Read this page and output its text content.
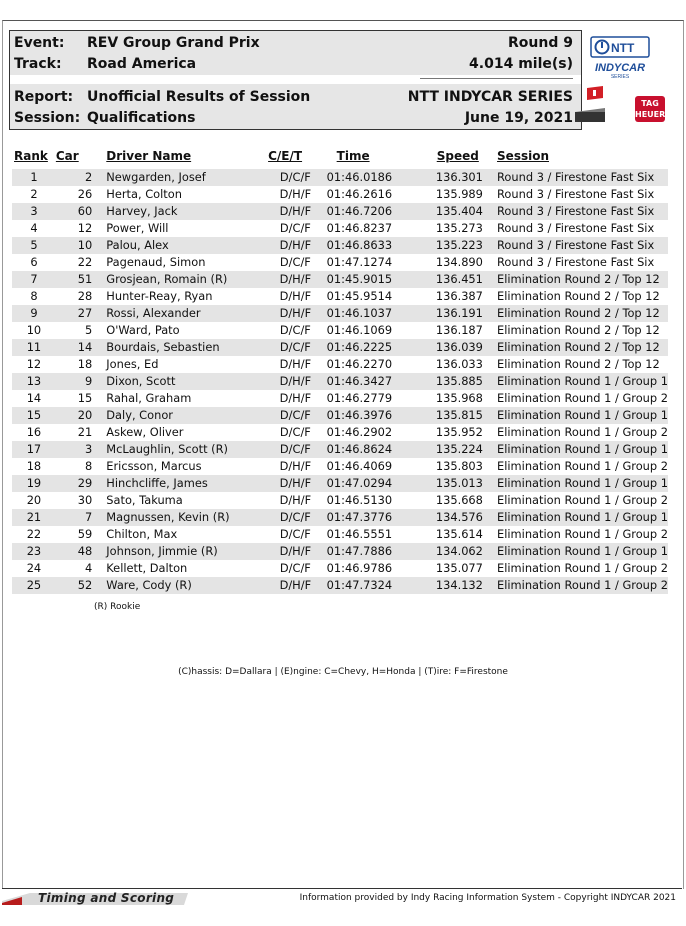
Event: REV Group Grand Prix
Track: Road America
Report: Unofficial Results of Session
Session: Qualifications
Round 9
4.014 mile(s)
NTT INDYCAR SERIES
June 19, 2021
NTT
INDYCAR
SERIES
TAG
HEUER
Rank	Car	Driver Name	C/E/T	Time	Speed	Session
1	2	Newgarden, Josef	D/C/F	01:46.0186	136.301	Round 3 / Firestone Fast Six
2	26	Herta, Colton	D/H/F	01:46.2616	135.989	Round 3 / Firestone Fast Six
3	60	Harvey, Jack	D/H/F	01:46.7206	135.404	Round 3 / Firestone Fast Six
4	12	Power, Will	D/C/F	01:46.8237	135.273	Round 3 / Firestone Fast Six
5	10	Palou, Alex	D/H/F	01:46.8633	135.223	Round 3 / Firestone Fast Six
6	22	Pagenaud, Simon	D/C/F	01:47.1274	134.890	Round 3 / Firestone Fast Six
7	51	Grosjean, Romain (R)	D/H/F	01:45.9015	136.451	Elimination Round 2 / Top 12
8	28	Hunter-Reay, Ryan	D/H/F	01:45.9514	136.387	Elimination Round 2 / Top 12
9	27	Rossi, Alexander	D/H/F	01:46.1037	136.191	Elimination Round 2 / Top 12
10	5	O'Ward, Pato	D/C/F	01:46.1069	136.187	Elimination Round 2 / Top 12
11	14	Bourdais, Sebastien	D/C/F	01:46.2225	136.039	Elimination Round 2 / Top 12
12	18	Jones, Ed	D/H/F	01:46.2270	136.033	Elimination Round 2 / Top 12
13	9	Dixon, Scott	D/H/F	01:46.3427	135.885	Elimination Round 1 / Group 1
14	15	Rahal, Graham	D/H/F	01:46.2779	135.968	Elimination Round 1 / Group 2
15	20	Daly, Conor	D/C/F	01:46.3976	135.815	Elimination Round 1 / Group 1
16	21	Askew, Oliver	D/C/F	01:46.2902	135.952	Elimination Round 1 / Group 2
17	3	McLaughlin, Scott (R)	D/C/F	01:46.8624	135.224	Elimination Round 1 / Group 1
18	8	Ericsson, Marcus	D/H/F	01:46.4069	135.803	Elimination Round 1 / Group 2
19	29	Hinchcliffe, James	D/H/F	01:47.0294	135.013	Elimination Round 1 / Group 1
20	30	Sato, Takuma	D/H/F	01:46.5130	135.668	Elimination Round 1 / Group 2
21	7	Magnussen, Kevin (R)	D/C/F	01:47.3776	134.576	Elimination Round 1 / Group 1
22	59	Chilton, Max	D/C/F	01:46.5551	135.614	Elimination Round 1 / Group 2
23	48	Johnson, Jimmie (R)	D/H/F	01:47.7886	134.062	Elimination Round 1 / Group 1
24	4	Kellett, Dalton	D/C/F	01:46.9786	135.077	Elimination Round 1 / Group 2
25	52	Ware, Cody (R)	D/H/F	01:47.7324	134.132	Elimination Round 1 / Group 2
(R) Rookie
(C)hassis: D=Dallara | (E)ngine: C=Chevy, H=Honda | (T)ire: F=Firestone
Timing and Scoring	Information provided by Indy Racing Information System - Copyright INDYCAR 2021
